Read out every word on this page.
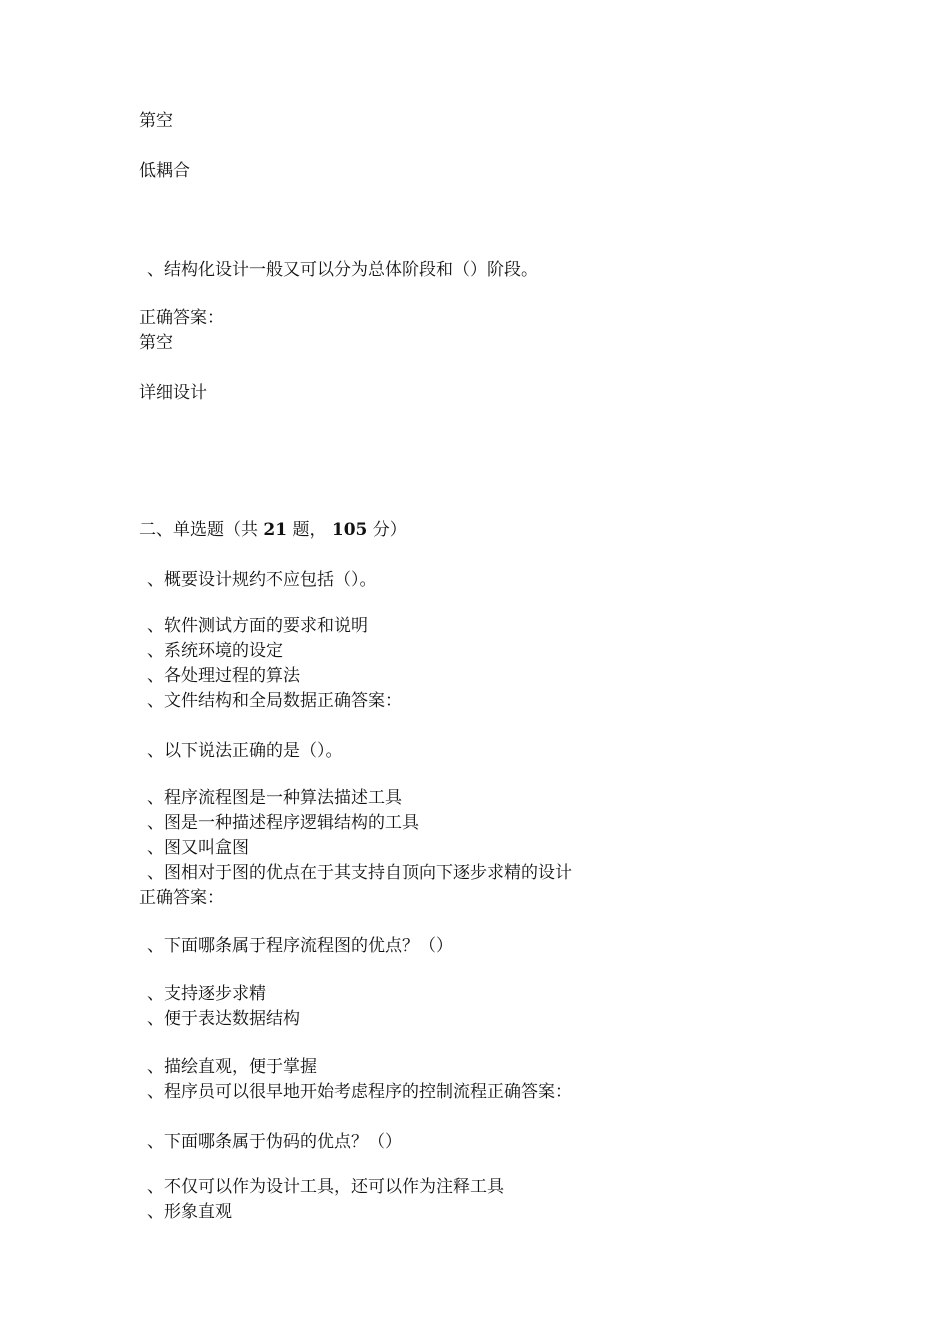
第空
低耦合
、结构化设计一般又可以分为总体阶段和（）阶段。
正确答案：
第空
详细设计
二、单选题（共 21 题， 105 分）
、概要设计规约不应包括（）。
、软件测试方面的要求和说明
、系统环境的设定
、各处理过程的算法
、文件结构和全局数据正确答案：
、以下说法正确的是（）。
、程序流程图是一种算法描述工具
、图是一种描述程序逻辑结构的工具
、图又叫盒图
、图相对于图的优点在于其支持自顶向下逐步求精的设计
正确答案：
、下面哪条属于程序流程图的优点？（）
、支持逐步求精
、便于表达数据结构
、描绘直观，便于掌握
、程序员可以很早地开始考虑程序的控制流程正确答案：
、下面哪条属于伪码的优点？（）
、不仅可以作为设计工具，还可以作为注释工具
、形象直观
